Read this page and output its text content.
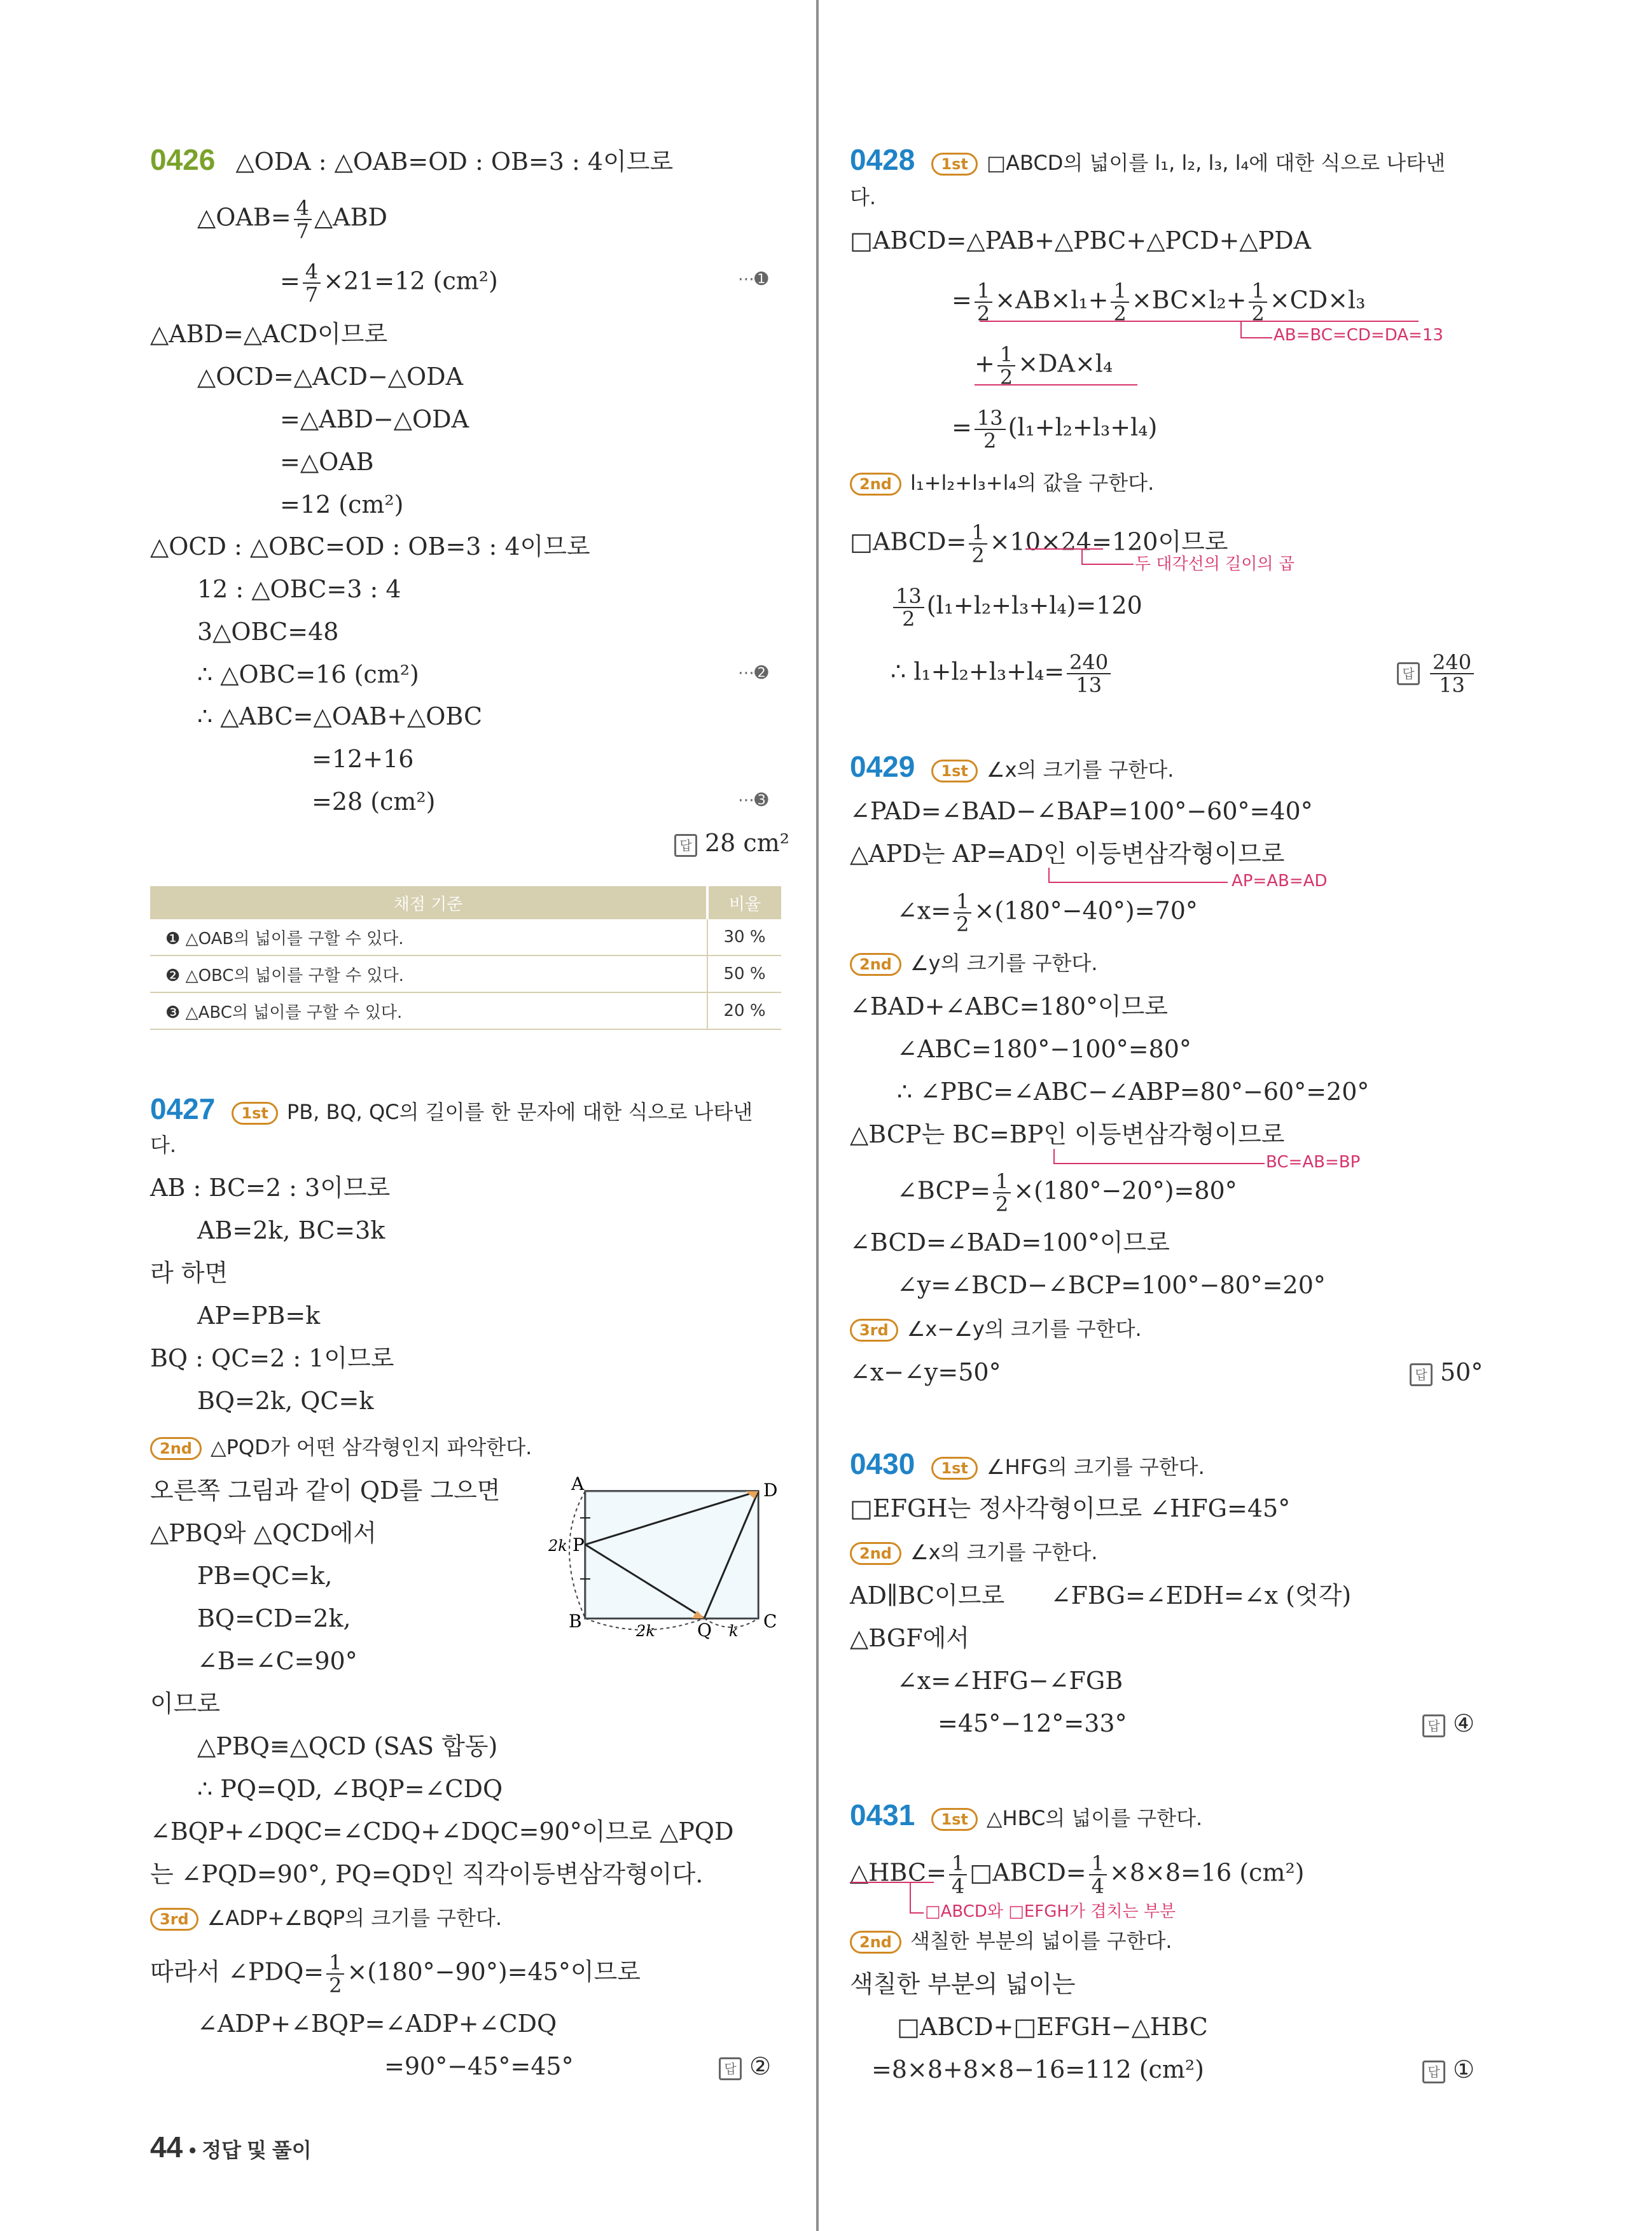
0426 △ODA : △OAB=OD : OB=3 : 4이므로
△OAB= $\frac{4}{7}$ △ABD
= $\frac{4}{7} \times 21=12$ (cm²)	⋯➊
△ABD=△ACD이므로
△OCD=△ACD−△ODA
=△ABD−△ODA
=△OAB
=12 (cm²)
△OCD : △OBC=OD : OB=3 : 4이므로
12 : △OBC=3 : 4
3△OBC=48
∴ △OBC=16 (cm²)	⋯➋
∴ △ABC=△OAB+△OBC
=12+16
=28 (cm²)	⋯➌
답 28 cm²
채점 기준	비율
❶ △OAB의 넓이를 구할 수 있다.	30 %
❷ △OBC의 넓이를 구할 수 있다.	50 %
❸ △ABC의 넓이를 구할 수 있다.	20 %
0427 1st PB, BQ, QC의 길이를 한 문자에 대한 식으로 나타낸
다.
AB : BC=2 : 3이므로
AB=2k, BC=3k
라 하면
AP=PB=k
BQ : QC=2 : 1이므로
BQ=2k, QC=k
2nd △PQD가 어떤 삼각형인지 파악한다.
오른쪽 그림과 같이 QD를 그으면
△PBQ와 △QCD에서
PB=QC=k,
BQ=CD=2k,
∠B=∠C=90°
이므로
△PBQ≡△QCD (SAS 합동)
∴ PQ=QD, ∠BQP=∠CDQ
∠BQP+∠DQC=∠CDQ+∠DQC=90°이므로 △PQD
는 ∠PQD=90°, PQ=QD인 직각이등변삼각형이다.
3rd ∠ADP+∠BQP의 크기를 구한다.
따라서 ∠PDQ= $\frac{1}{2} \times(180^\circ-90^\circ)=45^\circ$이므로
∠ADP+∠BQP=∠ADP+∠CDQ
=90°−45°=45°	답 ②
A	D
B	C
P
Q
2k
2k	k
0428 1st □ABCD의 넓이를 l₁, l₂, l₃, l₄에 대한 식으로 나타낸
다.
□ABCD=△PAB+△PBC+△PCD+△PDA
= $\frac{1}{2} \times AB\times l_1+ \frac{1}{2} \times BC\times l_2+ \frac{1}{2} \times CD\times l_3$
AB=BC=CD=DA=13
+ $\frac{1}{2} \times DA\times l_4$
= $\frac{13}{2} (l_1+l_2+l_3+l_4)$
2nd l₁+l₂+l₃+l₄의 값을 구한다.
□ABCD= $\frac{1}{2} \times 10\times 24=120$이므로
두 대각선의 길이의 곱
$\frac{13}{2} (l_1+l_2+l_3+l_4)=120$
∴ $l_1+l_2+l_3+l_4= \frac{240}{13}$	답 $\frac{240}{13}$
0429 1st ∠x의 크기를 구한다.
∠PAD=∠BAD−∠BAP=100°−60°=40°
△APD는 AP=AD인 이등변삼각형이므로
AP=AB=AD
∠x= $\frac{1}{2} \times(180^\circ-40^\circ)=70^\circ$
2nd ∠y의 크기를 구한다.
∠BAD+∠ABC=180°이므로
∠ABC=180°−100°=80°
∴ ∠PBC=∠ABC−∠ABP=80°−60°=20°
△BCP는 BC=BP인 이등변삼각형이므로
BC=AB=BP
∠BCP= $\frac{1}{2} \times(180^\circ-20^\circ)=80^\circ$
∠BCD=∠BAD=100°이므로
∠y=∠BCD−∠BCP=100°−80°=20°
3rd ∠x−∠y의 크기를 구한다.
∠x−∠y=50°	답 50°
0430 1st ∠HFG의 크기를 구한다.
□EFGH는 정사각형이므로 ∠HFG=45°
2nd ∠x의 크기를 구한다.
AD∥BC이므로      ∠FBG=∠EDH=∠x (엇각)
△BGF에서
∠x=∠HFG−∠FGB
=45°−12°=33°	답 ④
0431 1st △HBC의 넓이를 구한다.
△HBC= $\frac{1}{4}$ □ABCD= $\frac{1}{4} \times 8\times 8=16$ (cm²)
□ABCD와 □EFGH가 겹치는 부분
2nd 색칠한 부분의 넓이를 구한다.
색칠한 부분의 넓이는
□ABCD+□EFGH−△HBC
=8×8+8×8−16=112 (cm²)	답 ①
44 • 정답 및 풀이
